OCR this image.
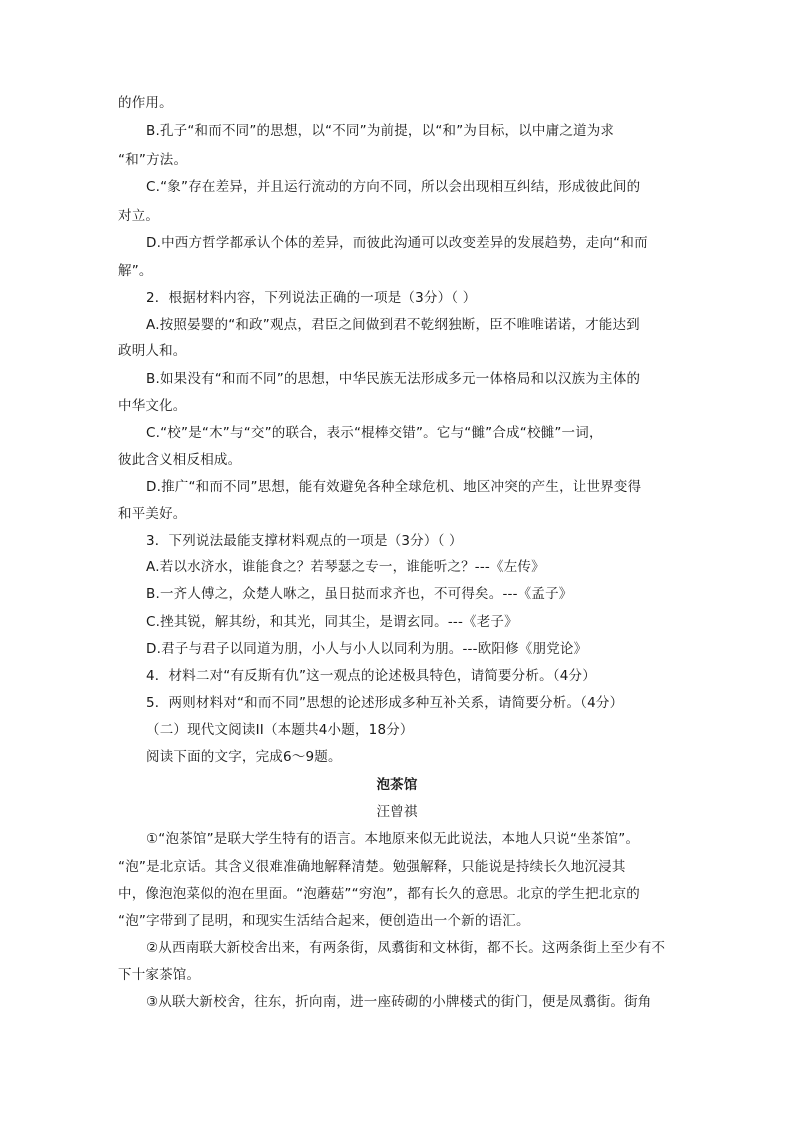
的作用。
B.孔子“和而不同”的思想，以“不同”为前提，以“和”为目标，以中庸之道为求
“和”方法。
C.“象”存在差异，并且运行流动的方向不同，所以会出现相互纠结，形成彼此间的
对立。
D.中西方哲学都承认个体的差异，而彼此沟通可以改变差异的发展趋势，走向“和而
解”。
2．根据材料内容，下列说法正确的一项是（3分）（ ）
A.按照晏婴的“和政”观点，君臣之间做到君不乾纲独断，臣不唯唯诺诺，才能达到
政明人和。
B.如果没有“和而不同”的思想，中华民族无法形成多元一体格局和以汉族为主体的
中华文化。
C.“校”是“木”与“交”的联合，表示“棍棒交错”。它与“雠”合成“校雠”一词，
彼此含义相反相成。
D.推广“和而不同”思想，能有效避免各种全球危机、地区冲突的产生，让世界变得
和平美好。
3．下列说法最能支撑材料观点的一项是（3分）（ ）
A.若以水济水，谁能食之？若琴瑟之专一，谁能听之？---《左传》
B.一齐人傅之，众楚人咻之，虽日挞而求齐也，不可得矣。---《孟子》
C.挫其锐，解其纷，和其光，同其尘，是谓玄同。---《老子》
D.君子与君子以同道为朋，小人与小人以同利为朋。---欧阳修《朋党论》
4．材料二对“有反斯有仇”这一观点的论述极具特色，请简要分析。（4分）
5．两则材料对“和而不同”思想的论述形成多种互补关系，请简要分析。（4分）
（二）现代文阅读II（本题共4小题，18分）
阅读下面的文字，完成6～9题。
泡茶馆
汪曾祺
①“泡茶馆”是联大学生特有的语言。本地原来似无此说法，本地人只说“坐茶馆”。
“泡”是北京话。其含义很难准确地解释清楚。勉强解释，只能说是持续长久地沉浸其
中，像泡泡菜似的泡在里面。“泡蘑菇”“穷泡”，都有长久的意思。北京的学生把北京的
“泡”字带到了昆明，和现实生活结合起来，便创造出一个新的语汇。
②从西南联大新校舍出来，有两条街，凤翥街和文林街，都不长。这两条街上至少有不
下十家茶馆。
③从联大新校舍，往东，折向南，进一座砖砌的小牌楼式的街门，便是凤翥街。街角
